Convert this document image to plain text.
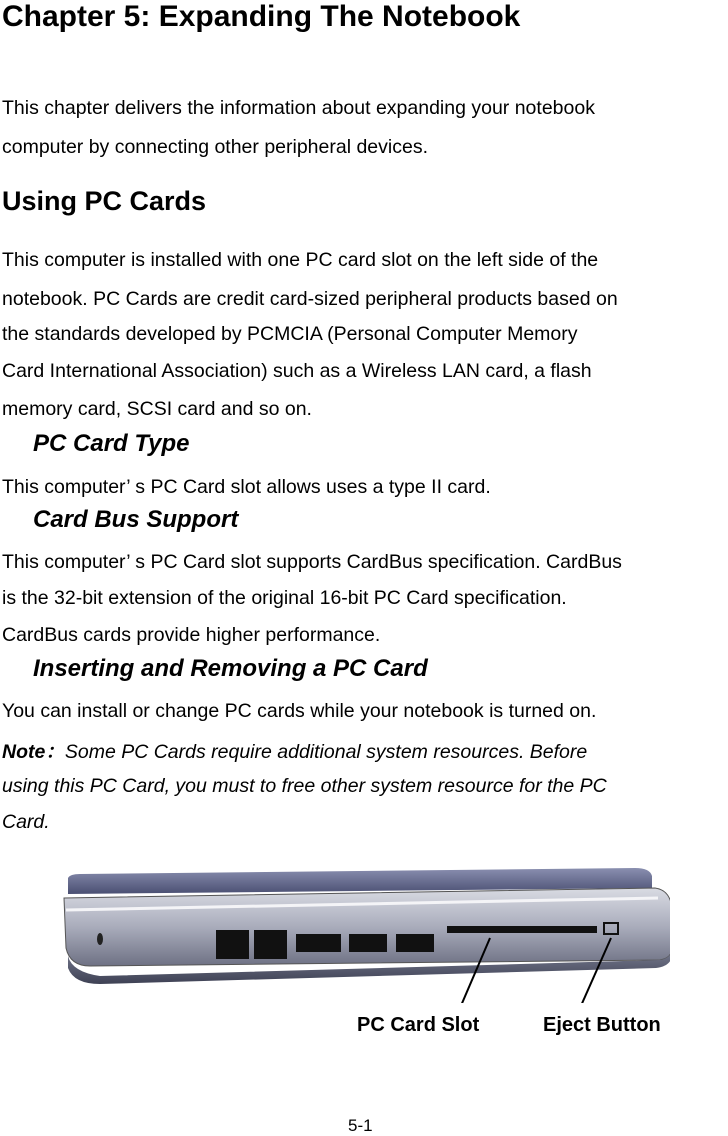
Chapter 5: Expanding The Notebook
This chapter delivers the information about expanding your notebook
computer by connecting other peripheral devices.
Using PC Cards
This computer is installed with one PC card slot on the left side of the
notebook. PC Cards are credit card-sized peripheral products based on
the standards developed by PCMCIA (Personal Computer Memory
Card International Association) such as a Wireless LAN card, a flash
memory card, SCSI card and so on.
PC Card Type
This computer’ s PC Card slot allows uses a type II card.
Card Bus Support
This computer’ s PC Card slot supports CardBus specification. CardBus
is the 32-bit extension of the original 16-bit PC Card specification.
CardBus cards provide higher performance.
Inserting and Removing a PC Card
You can install or change PC cards while your notebook is turned on.
Note：Some PC Cards require additional system resources. Before
using this PC Card, you must to free other system resource for the PC
Card.
PC Card Slot	Eject Button
5-1
